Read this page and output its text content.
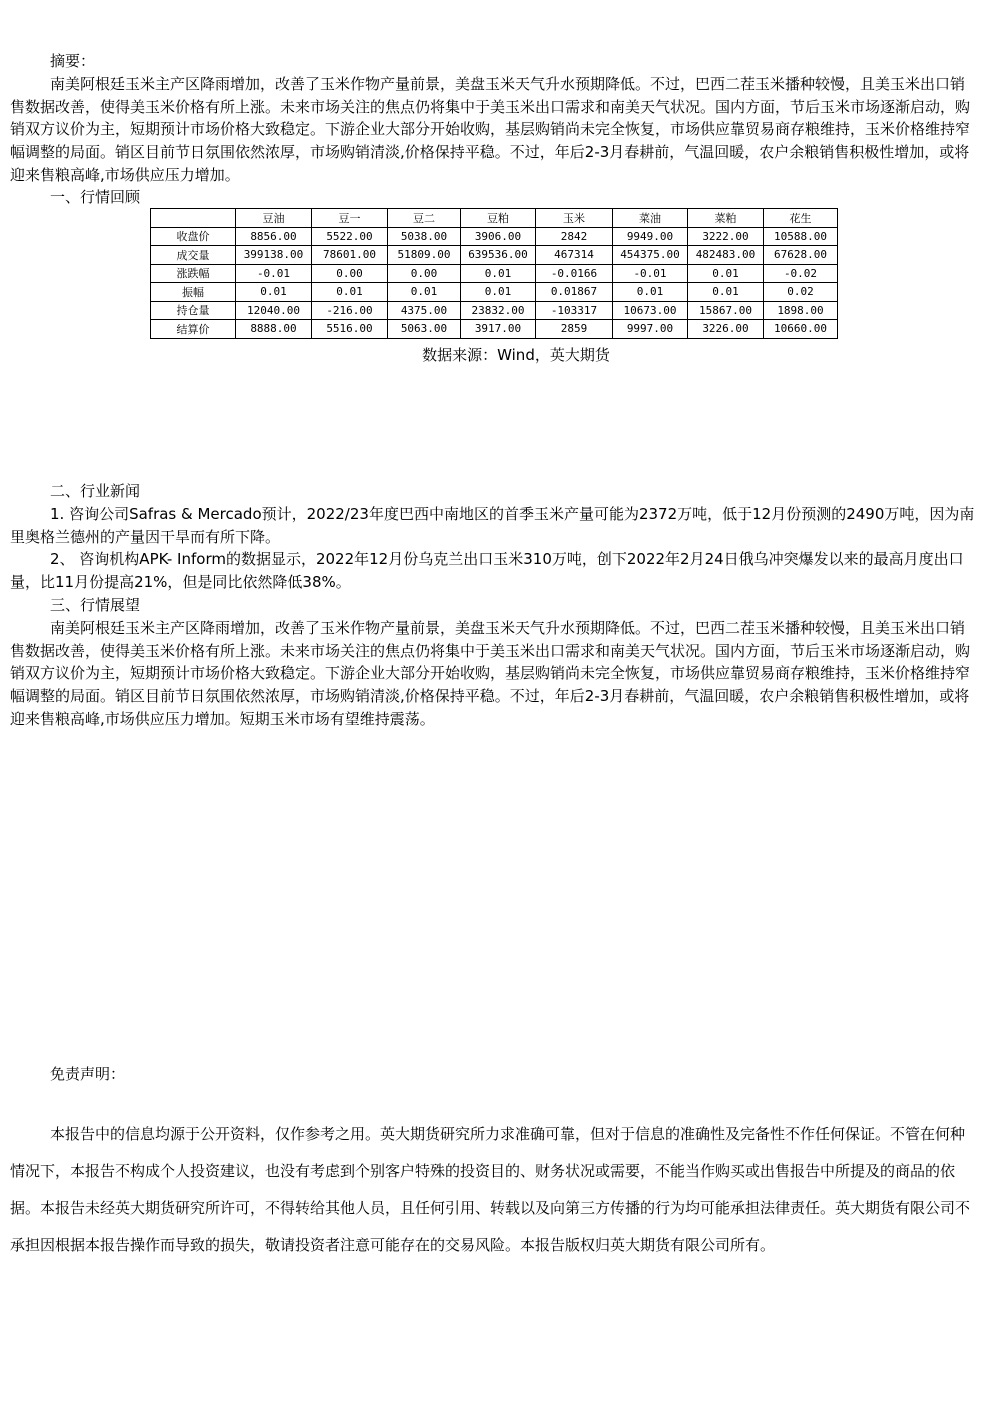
摘要：

南美阿根廷玉米主产区降雨增加，改善了玉米作物产量前景，美盘玉米天气升水预期降低。不过，巴西二茬玉米播种较慢，且美玉米出口销售数据改善，使得美玉米价格有所上涨。未来市场关注的焦点仍将集中于美玉米出口需求和南美天气状况。国内方面，节后玉米市场逐渐启动，购销双方议价为主，短期预计市场价格大致稳定。下游企业大部分开始收购，基层购销尚未完全恢复，市场供应靠贸易商存粮维持，玉米价格维持窄幅调整的局面。销区目前节日氛围依然浓厚，市场购销清淡,价格保持平稳。不过，年后2-3月春耕前，气温回暖，农户余粮销售积极性增加，或将迎来售粮高峰,市场供应压力增加。

一、行情回顾

	豆油	豆一	豆二	豆粕	玉米	菜油	菜粕	花生
收盘价	8856.00	5522.00	5038.00	3906.00	2842	9949.00	3222.00	10588.00
成交量	399138.00	78601.00	51809.00	639536.00	467314	454375.00	482483.00	67628.00
涨跌幅	-0.01	0.00	0.00	0.01	-0.0166	-0.01	0.01	-0.02
振幅	0.01	0.01	0.01	0.01	0.01867	0.01	0.01	0.02
持仓量	12040.00	-216.00	4375.00	23832.00	-103317	10673.00	15867.00	1898.00
结算价	8888.00	5516.00	5063.00	3917.00	2859	9997.00	3226.00	10660.00
数据来源：Wind，英大期货

二、行业新闻

1. 咨询公司Safras & Mercado预计，2022/23年度巴西中南地区的首季玉米产量可能为2372万吨，低于12月份预测的2490万吨，因为南里奥格兰德州的产量因干旱而有所下降。

2、 咨询机构APK- Inform的数据显示，2022年12月份乌克兰出口玉米310万吨，创下2022年2月24日俄乌冲突爆发以来的最高月度出口量，比11月份提高21%，但是同比依然降低38%。

三、行情展望

南美阿根廷玉米主产区降雨增加，改善了玉米作物产量前景，美盘玉米天气升水预期降低。不过，巴西二茬玉米播种较慢，且美玉米出口销售数据改善，使得美玉米价格有所上涨。未来市场关注的焦点仍将集中于美玉米出口需求和南美天气状况。国内方面，节后玉米市场逐渐启动，购销双方议价为主，短期预计市场价格大致稳定。下游企业大部分开始收购，基层购销尚未完全恢复，市场供应靠贸易商存粮维持，玉米价格维持窄幅调整的局面。销区目前节日氛围依然浓厚，市场购销清淡,价格保持平稳。不过，年后2-3月春耕前，气温回暖，农户余粮销售积极性增加，或将迎来售粮高峰,市场供应压力增加。短期玉米市场有望维持震荡。

免责声明：

本报告中的信息均源于公开资料，仅作参考之用。英大期货研究所力求准确可靠，但对于信息的准确性及完备性不作任何保证。不管在何种情况下，本报告不构成个人投资建议，也没有考虑到个别客户特殊的投资目的、财务状况或需要，不能当作购买或出售报告中所提及的商品的依据。本报告未经英大期货研究所许可，不得转给其他人员，且任何引用、转载以及向第三方传播的行为均可能承担法律责任。英大期货有限公司不承担因根据本报告操作而导致的损失，敬请投资者注意可能存在的交易风险。本报告版权归英大期货有限公司所有。
